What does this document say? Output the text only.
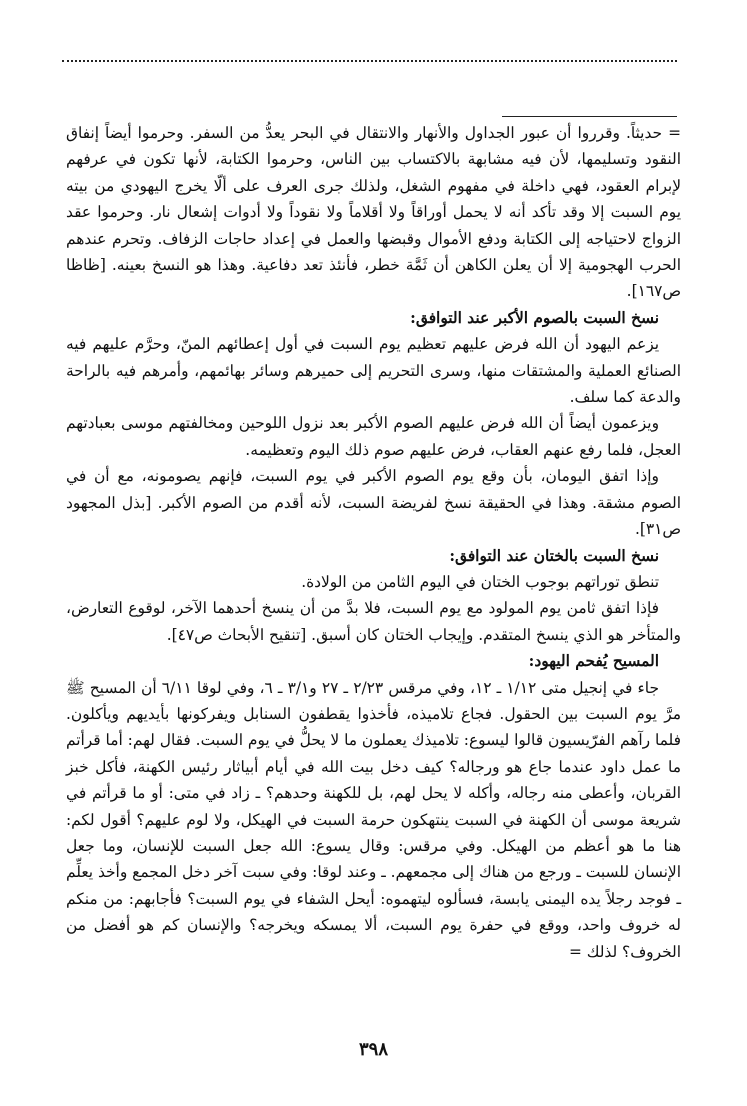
= حديثاً. وقرروا أن عبور الجداول والأنهار والانتقال في البحر يعدُّ من السفر. وحرموا أيضاً إنفاق النقود وتسليمها، لأن فيه مشابهة بالاكتساب بين الناس، وحرموا الكتابة، لأنها تكون في عرفهم لإبرام العقود، فهي داخلة في مفهوم الشغل، ولذلك جرى العرف على ألّا يخرج اليهودي من بيته يوم السبت إلا وقد تأكد أنه لا يحمل أوراقاً ولا أقلاماً ولا نقوداً ولا أدوات إشعال نار. وحرموا عقد الزواج لاحتياجه إلى الكتابة ودفع الأموال وقبضها والعمل في إعداد حاجات الزفاف. وتحرم عندهم الحرب الهجومية إلا أن يعلن الكاهن أن ثَمَّة خطر، فأنئذ تعد دفاعية. وهذا هو النسخ بعينه. [ظاظا ص١٦٧].

نسخ السبت بالصوم الأكبر عند التوافق:

يزعم اليهود أن الله فرض عليهم تعظيم يوم السبت في أول إعطائهم المنّ، وحرَّم عليهم فيه الصنائع العملية والمشتقات منها، وسرى التحريم إلى حميرهم وسائر بهائمهم، وأمرهم فيه بالراحة والدعة كما سلف.

ويزعمون أيضاً أن الله فرض عليهم الصوم الأكبر بعد نزول اللوحين ومخالفتهم موسى بعبادتهم العجل، فلما رفع عنهم العقاب، فرض عليهم صوم ذلك اليوم وتعظيمه.

وإذا اتفق اليومان، بأن وقع يوم الصوم الأكبر في يوم السبت، فإنهم يصومونه، مع أن في الصوم مشقة. وهذا في الحقيقة نسخ لفريضة السبت، لأنه أقدم من الصوم الأكبر. [بذل المجهود ص٣١].

نسخ السبت بالختان عند التوافق:

تنطق توراتهم بوجوب الختان في اليوم الثامن من الولادة.

فإذا اتفق ثامن يوم المولود مع يوم السبت، فلا بدَّ من أن ينسخ أحدهما الآخر، لوقوع التعارض، والمتأخر هو الذي ينسخ المتقدم. وإيجاب الختان كان أسبق. [تنقيح الأبحاث ص٤٧].

المسيح يُفحم اليهود:

جاء في إنجيل متى ١/١٢ ـ ١٢، وفي مرقس ٢/٢٣ ـ ٢٧ و٣/١ ـ ٦، وفي لوقا ٦/١١ أن المسيح ﷺ مرَّ يوم السبت بين الحقول. فجاع تلاميذه، فأخذوا يقطفون السنابل ويفركونها بأيديهم ويأكلون. فلما رآهم الفرّيسيون قالوا ليسوع: تلاميذك يعملون ما لا يحلُّ في يوم السبت. فقال لهم: أما قرأتم ما عمل داود عندما جاع هو ورجاله؟ كيف دخل بيت الله في أيام أبياثار رئيس الكهنة، فأكل خبز القربان، وأعطى منه رجاله، وأكله لا يحل لهم، بل للكهنة وحدهم؟ ـ زاد في متى: أو ما قرأتم في شريعة موسى أن الكهنة في السبت ينتهكون حرمة السبت في الهيكل، ولا لوم عليهم؟ أقول لكم: هنا ما هو أعظم من الهيكل. وفي مرقس: وقال يسوع: الله جعل السبت للإنسان، وما جعل الإنسان للسبت ـ ورجع من هناك إلى مجمعهم. ـ وعند لوقا: وفي سبت آخر دخل المجمع وأخذ يعلِّم ـ فوجد رجلاً يده اليمنى يابسة، فسألوه ليتهموه: أيحل الشفاء في يوم السبت؟ فأجابهم: من منكم له خروف واحد، ووقع في حفرة يوم السبت، ألا يمسكه ويخرجه؟ والإنسان كم هو أفضل من الخروف؟ لذلك =

٣٩٨
